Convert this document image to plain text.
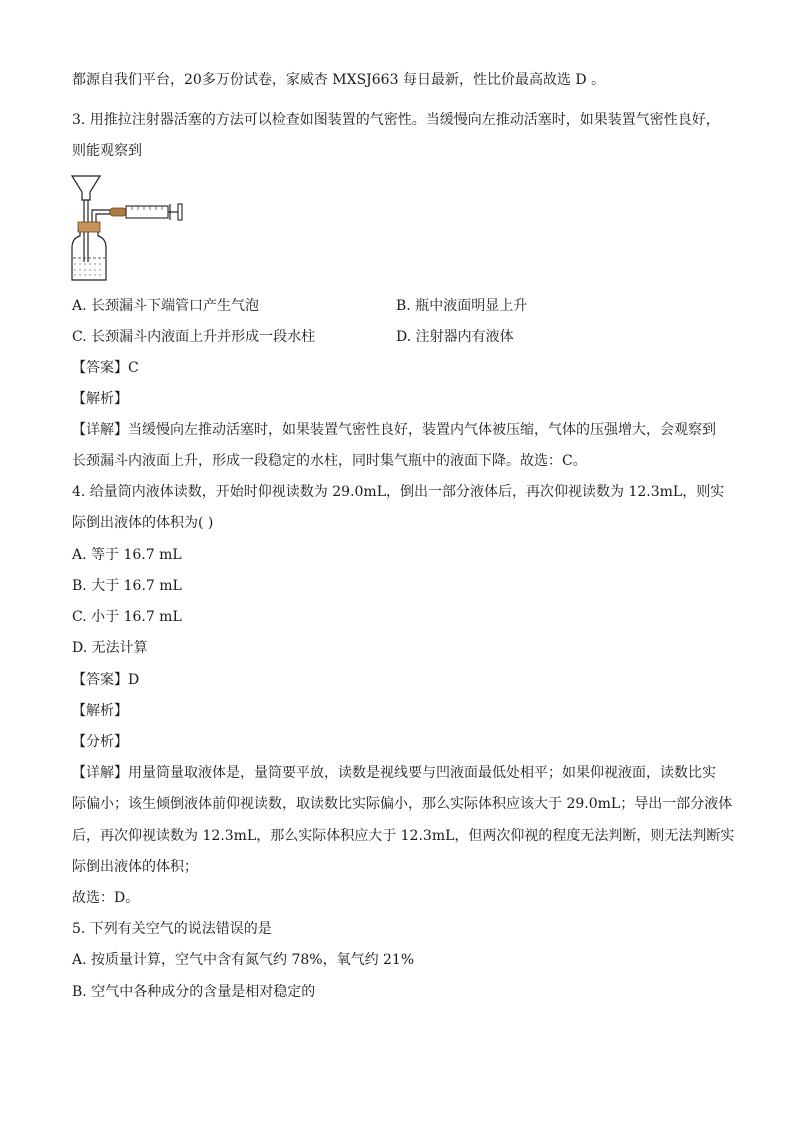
都源自我们平台，20多万份试卷，家威杏 MXSJ663 每日最新，性比价最高故选 D 。
3. 用推拉注射器活塞的方法可以检查如图装置的气密性。当缓慢向左推动活塞时，如果装置气密性良好，
则能观察到
A. 长颈漏斗下端管口产生气泡	B. 瓶中液面明显上升
C. 长颈漏斗内液面上升并形成一段水柱	D. 注射器内有液体
【答案】C
【解析】
【详解】当缓慢向左推动活塞时，如果装置气密性良好，装置内气体被压缩，气体的压强增大，会观察到
长颈漏斗内液面上升，形成一段稳定的水柱，同时集气瓶中的液面下降。故选：C。
4. 给量筒内液体读数，开始时仰视读数为 29.0mL，倒出一部分液体后，再次仰视读数为 12.3mL，则实
际倒出液体的体积为( )
A. 等于 16.7 mL
B. 大于 16.7 mL
C. 小于 16.7 mL
D. 无法计算
【答案】D
【解析】
【分析】
【详解】用量筒量取液体是，量筒要平放，读数是视线要与凹液面最低处相平；如果仰视液面，读数比实
际偏小；该生倾倒液体前仰视读数，取读数比实际偏小，那么实际体积应该大于 29.0mL；导出一部分液体
后，再次仰视读数为 12.3mL，那么实际体积应大于 12.3mL，但两次仰视的程度无法判断，则无法判断实
际倒出液体的体积；
故选：D。
5. 下列有关空气的说法错误的是
A. 按质量计算，空气中含有氮气约 78%，氧气约 21%
B. 空气中各种成分的含量是相对稳定的
